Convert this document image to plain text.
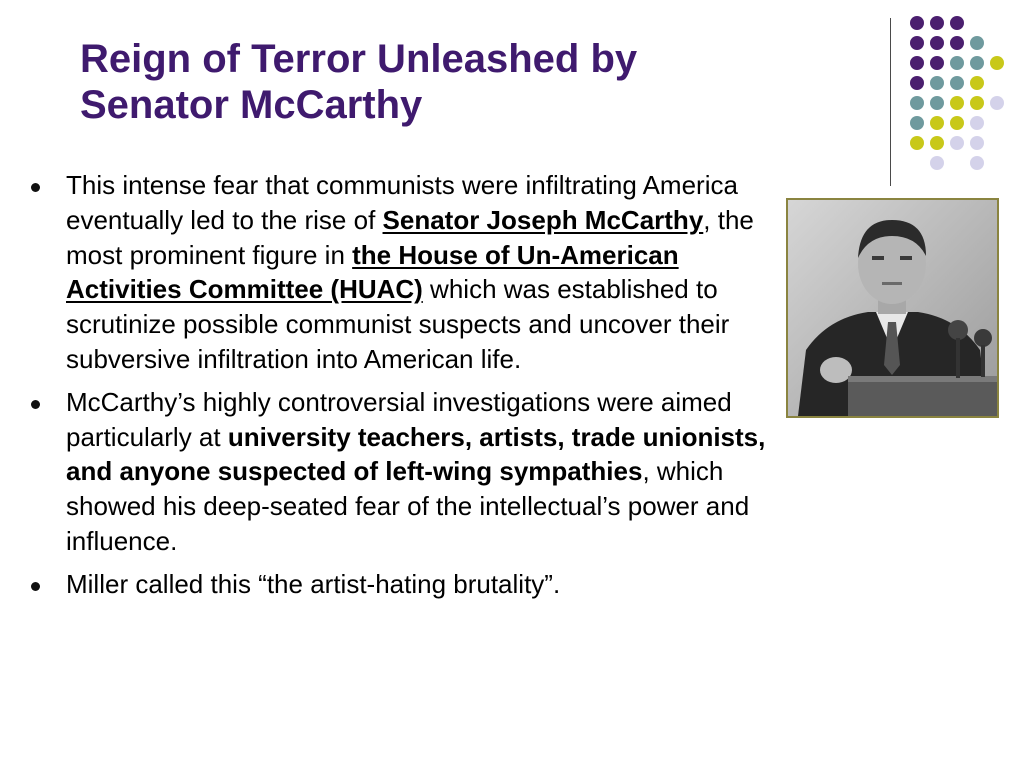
Reign of Terror Unleashed by
Senator McCarthy
This intense fear that communists were infiltrating America eventually led to the rise of Senator Joseph McCarthy, the most prominent figure in the House of Un-American Activities Committee (HUAC) which was established to scrutinize possible communist suspects and uncover their subversive infiltration into American life.
McCarthy’s highly controversial investigations were aimed particularly at university teachers, artists, trade unionists, and anyone suspected of left-wing sympathies, which showed his deep-seated fear of the intellectual’s power and influence.
Miller called this “the artist-hating brutality”.
